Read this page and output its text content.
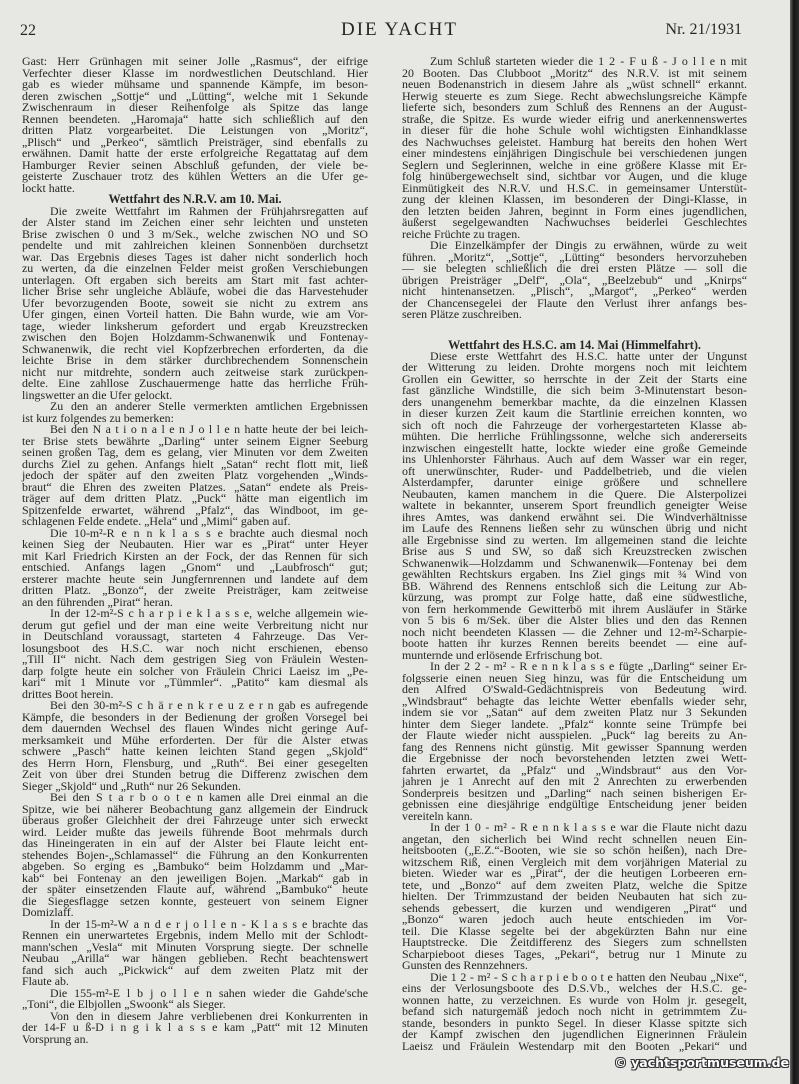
22	DIE YACHT	Nr. 21/1931
Gast: Herr Grünhagen mit seiner Jolle „Rasmus“, der eifrige
Verfechter dieser Klasse im nordwestlichen Deutschland. Hier
gab es wieder mühsame und spannende Kämpfe, im beson-
deren zwischen „Sottje“ und „Lütting“, welche mit 1 Sekunde
Zwischenraum in dieser Reihenfolge als Spitze das lange
Rennen beendeten. „Haromaja“ hatte sich schließlich auf den
dritten Platz vorgearbeitet. Die Leistungen von „Moritz“,
„Plisch“ und „Perkeo“, sämtlich Preisträger, sind ebenfalls zu
erwähnen. Damit hatte der erste erfolgreiche Regattatag auf dem
Hamburger Revier seinen Abschluß gefunden, der viele be-
geisterte Zuschauer trotz des kühlen Wetters an die Ufer ge-
lockt hatte.
Wettfahrt des N.R.V. am 10. Mai.
Die zweite Wettfahrt im Rahmen der Frühjahrsregatten auf
der Alster stand im Zeichen einer sehr leichten und unsteten
Brise zwischen 0 und 3 m/Sek., welche zwischen NO und SO
pendelte und mit zahlreichen kleinen Sonnenböen durchsetzt
war. Das Ergebnis dieses Tages ist daher nicht sonderlich hoch
zu werten, da die einzelnen Felder meist großen Verschiebungen
unterlagen. Oft ergaben sich bereits am Start mit fast achter-
licher Brise sehr ungleiche Abläufe, wobei die das Harvestehuder
Ufer bevorzugenden Boote, soweit sie nicht zu extrem ans
Ufer gingen, einen Vorteil hatten. Die Bahn wurde, wie am Vor-
tage, wieder linksherum gefordert und ergab Kreuzstrecken
zwischen den Bojen Holzdamm-Schwanenwik und Fontenay-
Schwanenwik, die recht viel Kopfzerbrechen erforderten, da die
leichte Brise in dem stärker durchbrechendem Sonnenschein
nicht nur mitdrehte, sondern auch zeitweise stark zurückpen-
delte. Eine zahllose Zuschauermenge hatte das herrliche Früh-
lingswetter an die Ufer gelockt.
Zu den an anderer Stelle vermerkten amtlichen Ergebnissen
ist kurz folgendes zu bemerken:
Bei den N a t i o n a l e n J o l l e n hatte heute der bei leich-
ter Brise stets bewährte „Darling“ unter seinem Eigner Seeburg
seinen großen Tag, dem es gelang, vier Minuten vor dem Zweiten
durchs Ziel zu gehen. Anfangs hielt „Satan“ recht flott mit, ließ
jedoch der später auf den zweiten Platz vorgehenden „Winds-
braut“ die Ehren des zweiten Platzes. „Satan“ endete als Preis-
träger auf dem dritten Platz. „Puck“ hätte man eigentlich im
Spitzenfelde erwartet, während „Pfalz“, das Windboot, im ge-
schlagenen Felde endete. „Hela“ und „Mimi“ gaben auf.
Die 10-m²-R e n n k l a s s e brachte auch diesmal noch
keinen Sieg der Neubauten. Hier war es „Pirat“ unter Heyer
mit Karl Friedrich Kirsten an der Fock, der das Rennen für sich
entschied. Anfangs lagen „Gnom“ und „Laubfrosch“ gut;
ersterer machte heute sein Jungfernrennen und landete auf dem
dritten Platz. „Bonzo“, der zweite Preisträger, kam zeitweise
an den führenden „Pirat“ heran.
In der 12-m²-S c h a r p i e k l a s s e, welche allgemein wie-
derum gut gefiel und der man eine weite Verbreitung nicht nur
in Deutschland voraussagt, starteten 4 Fahrzeuge. Das Ver-
losungsboot des H.S.C. war noch nicht erschienen, ebenso
„Till II“ nicht. Nach dem gestrigen Sieg von Fräulein Westen-
darp folgte heute ein solcher von Fräulein Chrici Laeisz im „Pe-
kari“ mit 1 Minute vor „Tümmler“. „Patito“ kam diesmal als
drittes Boot herein.
Bei den 30-m²-S c h ä r e n k r e u z e r n gab es aufregende
Kämpfe, die besonders in der Bedienung der großen Vorsegel bei
dem dauernden Wechsel des flauen Windes nicht geringe Auf-
merksamkeit und Mühe erforderten. Der für die Alster etwas
schwere „Pasch“ hatte keinen leichten Stand gegen „Skjold“
des Herrn Horn, Flensburg, und „Ruth“. Bei einer gesegelten
Zeit von über drei Stunden betrug die Differenz zwischen dem
Sieger „Skjold“ und „Ruth“ nur 26 Sekunden.
Bei den S t a r b o o t e n kamen alle Drei einmal an die
Spitze, wie bei näherer Beobachtung ganz allgemein der Eindruck
überaus großer Gleichheit der drei Fahrzeuge unter sich erweckt
wird. Leider mußte das jeweils führende Boot mehrmals durch
das Hineingeraten in ein auf der Alster bei Flaute leicht ent-
stehendes Bojen-„Schlamassel“ die Führung an den Konkurrenten
abgeben. So erging es „Bambuko“ beim Holzdamm und „Mar-
kab“ bei Fontenay an den jeweiligen Bojen. „Markab“ gab in
der später einsetzenden Flaute auf, während „Bambuko“ heute
die Siegesflagge setzen konnte, gesteuert von seinem Eigner
Domizlaff.
In der 15-m²-W a n d e r j o l l e n - K l a s s e brachte das
Rennen ein unerwartetes Ergebnis, indem Mello mit der Schlodt-
mann'schen „Vesla“ mit Minuten Vorsprung siegte. Der schnelle
Neubau „Arilla“ war hängen geblieben. Recht beachtenswert
fand sich auch „Pickwick“ auf dem zweiten Platz mit der
Flaute ab.
Die 155-m²-E l b j o l l e n sahen wieder die Gahde'sche
„Toni“, die Elbjollen „Swoonk“ als Sieger.
Von den in diesem Jahre verbliebenen drei Konkurrenten in
der 14-F u ß-D i n g i k l a s s e kam „Patt“ mit 12 Minuten
Vorsprung an.
Zum Schluß starteten wieder die 1 2 - F u ß - J o l l e n mit
20 Booten. Das Clubboot „Moritz“ des N.R.V. ist mit seinem
neuen Bodenanstrich in diesem Jahre als „wüst schnell“ erkannt.
Herwig steuerte es zum Siege. Recht abwechslungsreiche Kämpfe
lieferte sich, besonders zum Schluß des Rennens an der August-
straße, die Spitze. Es wurde wieder eifrig und anerkennenswertes
in dieser für die hohe Schule wohl wichtigsten Einhandklasse
des Nachwuchses geleistet. Hamburg hat bereits den hohen Wert
einer mindestens einjährigen Dingischule bei verschiedenen jungen
Seglern und Seglerinnen, welche in eine größere Klasse mit Er-
folg hinübergewechselt sind, sichtbar vor Augen, und die kluge
Einmütigkeit des N.R.V. und H.S.C. in gemeinsamer Unterstüt-
zung der kleinen Klassen, im besonderen der Dingi-Klasse, in
den letzten beiden Jahren, beginnt in Form eines jugendlichen,
äußerst segelgewandten Nachwuchses beiderlei Geschlechtes
reiche Früchte zu tragen.
Die Einzelkämpfer der Dingis zu erwähnen, würde zu weit
führen. „Moritz“, „Sottje“, „Lütting“ besonders hervorzuheben
— sie belegten schließlich die drei ersten Plätze — soll die
übrigen Preisträger „Delf“, „Ola“, „Beelzebub“ und „Knirps“
nicht hintenansetzen. „Plisch“, „Margot“, „Perkeo“ werden
der Chancensegelei der Flaute den Verlust ihrer anfangs bes-
seren Plätze zuschreiben.
Wettfahrt des H.S.C. am 14. Mai (Himmelfahrt).
Diese erste Wettfahrt des H.S.C. hatte unter der Ungunst
der Witterung zu leiden. Drohte morgens noch mit leichtem
Grollen ein Gewitter, so herrschte in der Zeit der Starts eine
fast gänzliche Windstille, die sich beim 3-Minutenstart beson-
ders unangenehm bemerkbar machte, da die einzelnen Klassen
in dieser kurzen Zeit kaum die Startlinie erreichen konnten, wo
sich oft noch die Fahrzeuge der vorhergestarteten Klasse ab-
mühten. Die herrliche Frühlingssonne, welche sich andererseits
inzwischen eingestellt hatte, lockte wieder eine große Gemeinde
ins Uhlenhorster Fährhaus. Auch auf dem Wasser war ein reger,
oft unerwünschter, Ruder- und Paddelbetrieb, und die vielen
Alsterdampfer, darunter einige größere und schnellere
Neubauten, kamen manchem in die Quere. Die Alsterpolizei
waltete in bekannter, unserem Sport freundlich geneigter Weise
ihres Amtes, was dankend erwähnt sei. Die Windverhältnisse
im Laufe des Rennens ließen sehr zu wünschen übrig und nicht
alle Ergebnisse sind zu werten. Im allgemeinen stand die leichte
Brise aus S und SW, so daß sich Kreuzstrecken zwischen
Schwanenwik—Holzdamm und Schwanenwik—Fontenay bei dem
gewählten Rechtskurs ergaben. Ins Ziel gings mit ¾ Wind von
BB. Während des Rennens entschloß sich die Leitung zur Ab-
kürzung, was prompt zur Folge hatte, daß eine südwestliche,
von fern herkommende Gewitterbö mit ihrem Ausläufer in Stärke
von 5 bis 6 m/Sek. über die Alster blies und den das Rennen
noch nicht beendeten Klassen — die Zehner und 12-m²-Scharpie-
boote hatten ihr kurzes Rennen bereits beendet — eine auf-
munternde und erlösende Erfrischung bot.
In der 2 2 - m² - R e n n k l a s s e fügte „Darling“ seiner Er-
folgsserie einen neuen Sieg hinzu, was für die Entscheidung um
den Alfred O'Swald-Gedächtnispreis von Bedeutung wird.
„Windsbraut“ behagte das leichte Wetter ebenfalls wieder sehr,
indem sie vor „Satan“ auf dem zweiten Platz nur 3 Sekunden
hinter dem Sieger landete. „Pfalz“ konnte seine Trümpfe bei
der Flaute wieder nicht ausspielen. „Puck“ lag bereits zu An-
fang des Rennens nicht günstig. Mit gewisser Spannung werden
die Ergebnisse der noch bevorstehenden letzten zwei Wett-
fahrten erwartet, da „Pfalz“ und „Windsbraut“ aus den Vor-
jahren je 1 Anrecht auf den mit 2 Anrechten zu erwerbenden
Sonderpreis besitzen und „Darling“ nach seinen bisherigen Er-
gebnissen eine diesjährige endgültige Entscheidung jener beiden
vereiteln kann.
In der 1 0 - m² - R e n n k l a s s e war die Flaute nicht dazu
angetan, den sicherlich bei Wind recht schnellen neuen Ein-
heitsbooten („E.Z.“-Booten, wie sie so schön heißen), nach Dre-
witzschem Riß, einen Vergleich mit dem vorjährigen Material zu
bieten. Wieder war es „Pirat“, der die heutigen Lorbeeren ern-
tete, und „Bonzo“ auf dem zweiten Platz, welche die Spitze
hielten. Der Trimmzustand der beiden Neubauten hat sich zu-
sehends gebessert, die kurzen und wendigeren „Pirat“ und
„Bonzo“ waren jedoch auch heute entschieden im Vor-
teil. Die Klasse segelte bei der abgekürzten Bahn nur eine
Hauptstrecke. Die Zeitdifferenz des Siegers zum schnellsten
Scharpieboot dieses Tages, „Pekari“, betrug nur 1 Minute zu
Gunsten des Rennzehners.
Die 1 2 - m² - S c h a r p i e b o o t e hatten den Neubau „Nixe“,
eins der Verlosungsboote des D.S.Vb., welches der H.S.C. ge-
wonnen hatte, zu verzeichnen. Es wurde von Holm jr. gesegelt,
befand sich naturgemäß jedoch noch nicht in getrimmtem Zu-
stande, besonders in punkto Segel. In dieser Klasse spitzte sich
der Kampf zwischen den jugendlichen Eignerinnen Fräulein
Laeisz und Fräulein Westendarp mit den Booten „Pekari“ und
© yachtsportmuseum.de
